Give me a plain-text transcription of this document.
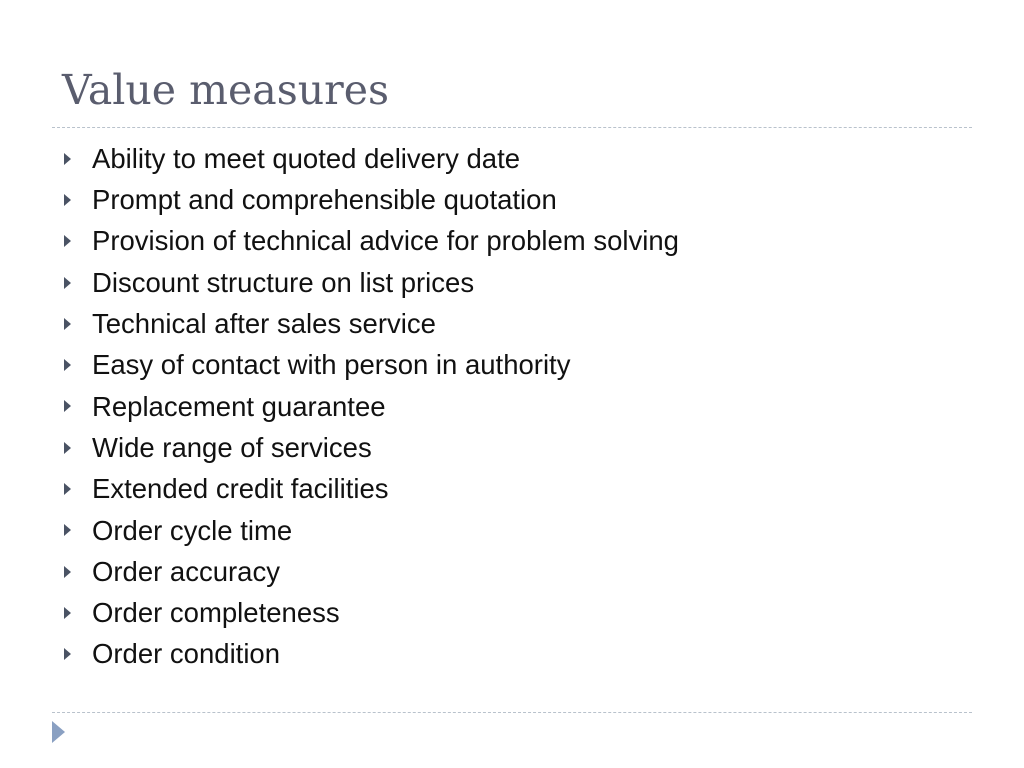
Value measures
Ability to meet quoted delivery date
Prompt and comprehensible quotation
Provision of technical advice for problem solving
Discount structure on list prices
Technical after sales service
Easy of contact with person in authority
Replacement guarantee
Wide range of services
Extended credit facilities
Order cycle time
Order accuracy
Order completeness
Order condition
